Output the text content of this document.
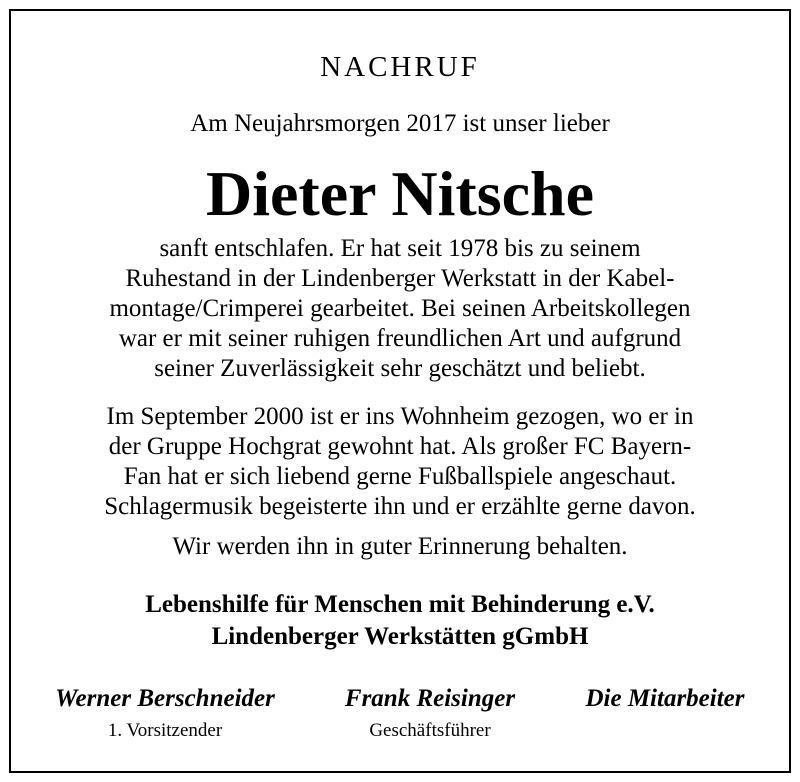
NACHRUF
Am Neujahrsmorgen 2017 ist unser lieber
Dieter Nitsche
sanft entschlafen. Er hat seit 1978 bis zu seinem
Ruhestand in der Lindenberger Werkstatt in der Kabel-
montage/Crimperei gearbeitet. Bei seinen Arbeitskollegen
war er mit seiner ruhigen freundlichen Art und aufgrund
seiner Zuverlässigkeit sehr geschätzt und beliebt.
Im September 2000 ist er ins Wohnheim gezogen, wo er in
der Gruppe Hochgrat gewohnt hat. Als großer FC Bayern-
Fan hat er sich liebend gerne Fußballspiele angeschaut.
Schlagermusik begeisterte ihn und er erzählte gerne davon.
Wir werden ihn in guter Erinnerung behalten.
Lebenshilfe für Menschen mit Behinderung e.V.
Lindenberger Werkstätten gGmbH
Werner Berschneider
1. Vorsitzender
Frank Reisinger
Geschäftsführer
Die Mitarbeiter
